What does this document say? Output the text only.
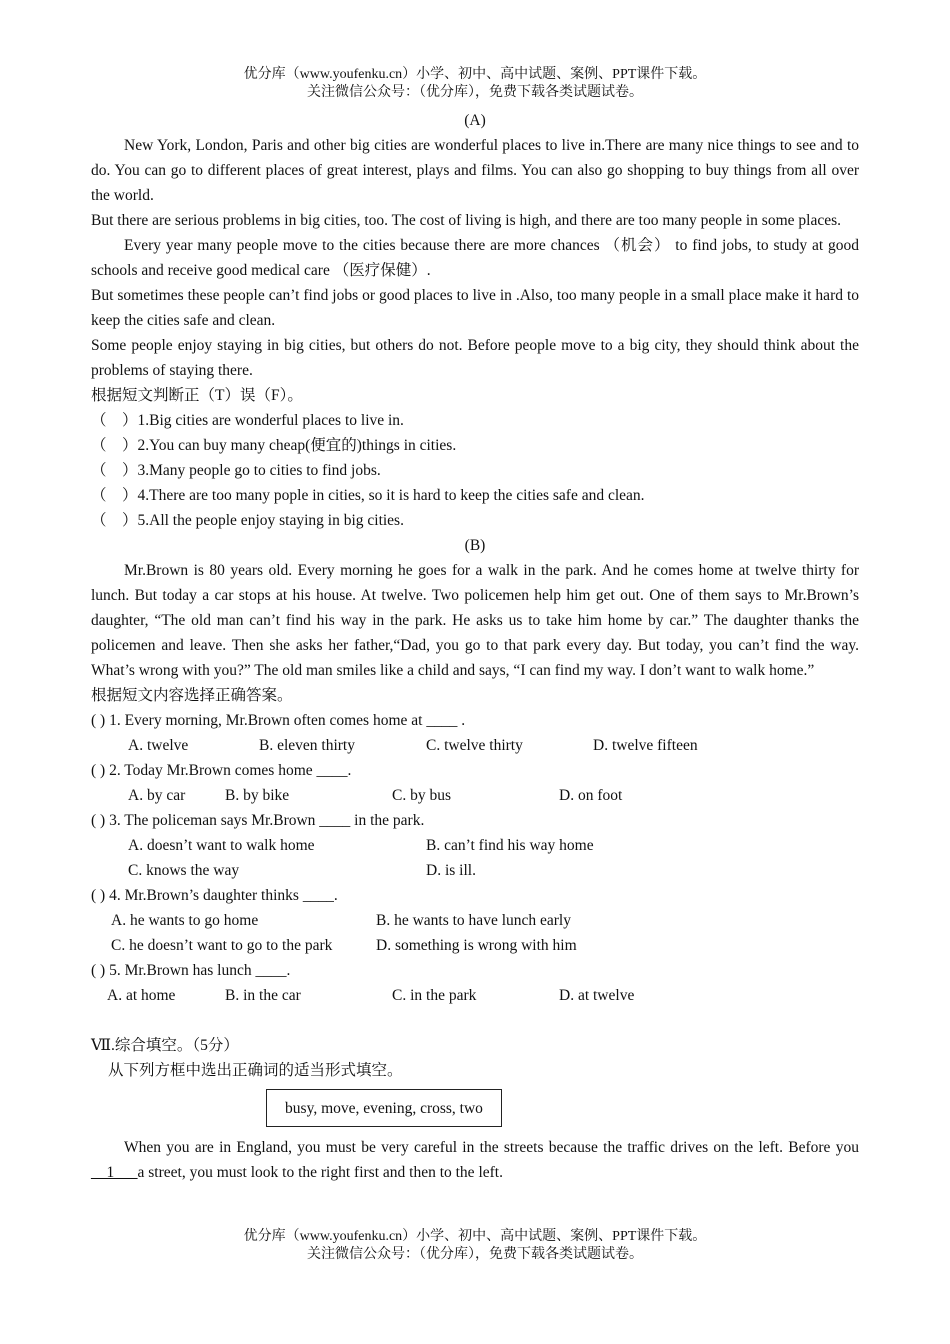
优分库（www.youfenku.cn）小学、初中、高中试题、案例、PPT课件下载。
关注微信公众号：（优分库），免费下载各类试题试卷。
(A)
New York, London, Paris and other big cities are wonderful places to live in.There are many nice things to see and to do. You can go to different places of great interest, plays and films. You can also go shopping to buy things from all over the world.
But there are serious problems in big cities, too. The cost of living is high, and there are too many people in some places.
Every year many people move to the cities because there are more chances （机会） to find jobs, to study at good schools and receive good medical care （医疗保健）.
But sometimes these people can’t find jobs or good places to live in .Also, too many people in a small place make it hard to keep the cities safe and clean.
Some people enjoy staying in big cities, but others do not. Before people move to a big city, they should think about the problems of staying there.
根据短文判断正（T）误（F）。
（　）1.Big cities are wonderful places to live in.
（　）2.You can buy many cheap(便宜的)things in cities.
（　）3.Many people go to cities to find jobs.
（　）4.There are too many pople in cities, so it is hard to keep the cities safe and clean.
（　）5.All the people enjoy staying in big cities.
(B)
Mr.Brown is 80 years old. Every morning he goes for a walk in the park. And he comes home at twelve thirty for lunch. But today a car stops at his house. At twelve. Two policemen help him get out. One of them says to Mr.Brown’s daughter, “The old man can’t find his way in the park. He asks us to take him home by car.” The daughter thanks the policemen and leave. Then she asks her father,“Dad, you go to that park every day. But today, you can’t find the way. What’s wrong with you?” The old man smiles like a child and says, “I can find my way. I don’t want to walk home.”
根据短文内容选择正确答案。
( ) 1. Every morning, Mr.Brown often comes home at ____ .
A. twelve	B. eleven thirty	C. twelve thirty	D. twelve fifteen
( ) 2. Today Mr.Brown comes home ____.
A. by car	B. by bike	C. by bus	D. on foot
( ) 3. The policeman says Mr.Brown ____ in the park.
A. doesn’t want to walk home	B. can’t find his way home
C. knows the way	D. is ill.
( ) 4. Mr.Brown’s daughter thinks ____.
A. he wants to go home	B. he wants to have lunch early
C. he doesn’t want to go to the park	D. something is wrong with him
( ) 5. Mr.Brown has lunch ____.
A. at home	B. in the car	C. in the park	D. at twelve
Ⅶ.综合填空。（5分）
从下列方框中选出正确词的适当形式填空。
busy, move, evening, cross, two
When you are in England, you must be very careful in the streets because the traffic drives on the left. Before you __1___a street, you must look to the right first and then to the left.
优分库（www.youfenku.cn）小学、初中、高中试题、案例、PPT课件下载。
关注微信公众号：（优分库），免费下载各类试题试卷。
